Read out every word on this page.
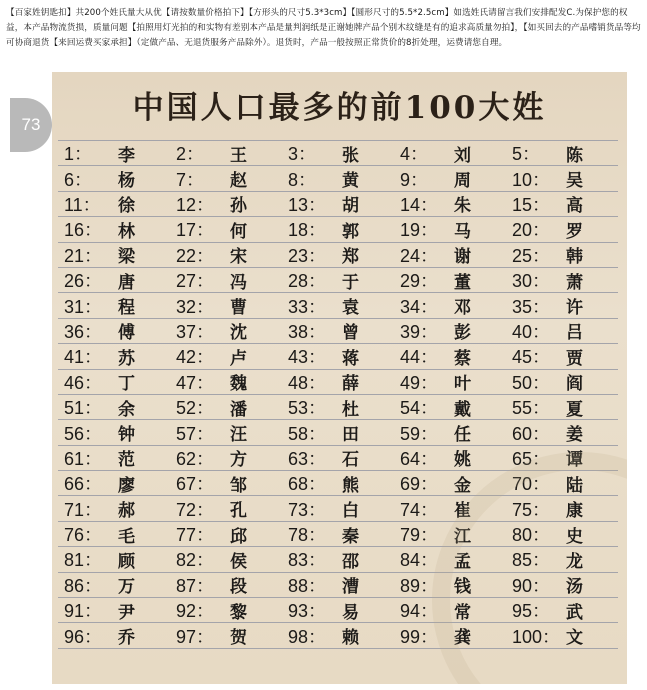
【百家姓钥匙扣】共200个姓氏量大从优【请按数量价格拍下】【方形头的尺寸5.3*3cm】【圆形尺寸的5.5*2.5cm】如选姓氏请留言我们安排配发C.为保护您的权益，本产品物流货损，质量问题【拍照用灯光拍的和实物有差别本产品是量判润纸是正谢她牌产品个别木纹缝是有的追求高质量勿拍】，【如买回去的产品嗜销货品等均可协商退货【来回运费买家承担】（定做产品、无退货服务产品除外）。退货时，产品一般按照正常货价的8折处理，运费请您自理。
73	中国人口最多的前100大姓
1：	李	2：	王	3：	张	4：	刘	5：	陈
6：	杨	7：	赵	8：	黄	9：	周	10： 吴
11：	徐	12： 孙	13： 胡	14： 朱	15： 高
16： 林	17： 何	18： 郭	19： 马	20： 罗
21： 梁	22： 宋	23： 郑	24： 谢	25： 韩
26： 唐	27： 冯	28： 于	29： 董	30： 萧
31： 程	32： 曹	33： 袁	34： 邓	35： 许
36： 傅	37： 沈	38： 曾	39： 彭	40： 吕
41： 苏	42： 卢	43： 蒋	44： 蔡	45： 贾
46： 丁	47： 魏	48： 薛	49： 叶	50： 阎
51： 余	52： 潘	53： 杜	54： 戴	55： 夏
56： 钟	57： 汪	58： 田	59： 任	60： 姜
61： 范	62： 方	63： 石	64： 姚	65： 谭
66： 廖	67： 邹	68： 熊	69： 金	70： 陆
71： 郝	72： 孔	73： 白	74： 崔	75： 康
76： 毛	77： 邱	78： 秦	79： 江	80： 史
81： 顾	82： 侯	83： 邵	84： 孟	85： 龙
86： 万	87： 段	88： 漕	89： 钱	90： 汤
91： 尹	92： 黎	93： 易	94： 常	95： 武
96： 乔	97： 贺	98： 赖	99： 龚	100： 文
